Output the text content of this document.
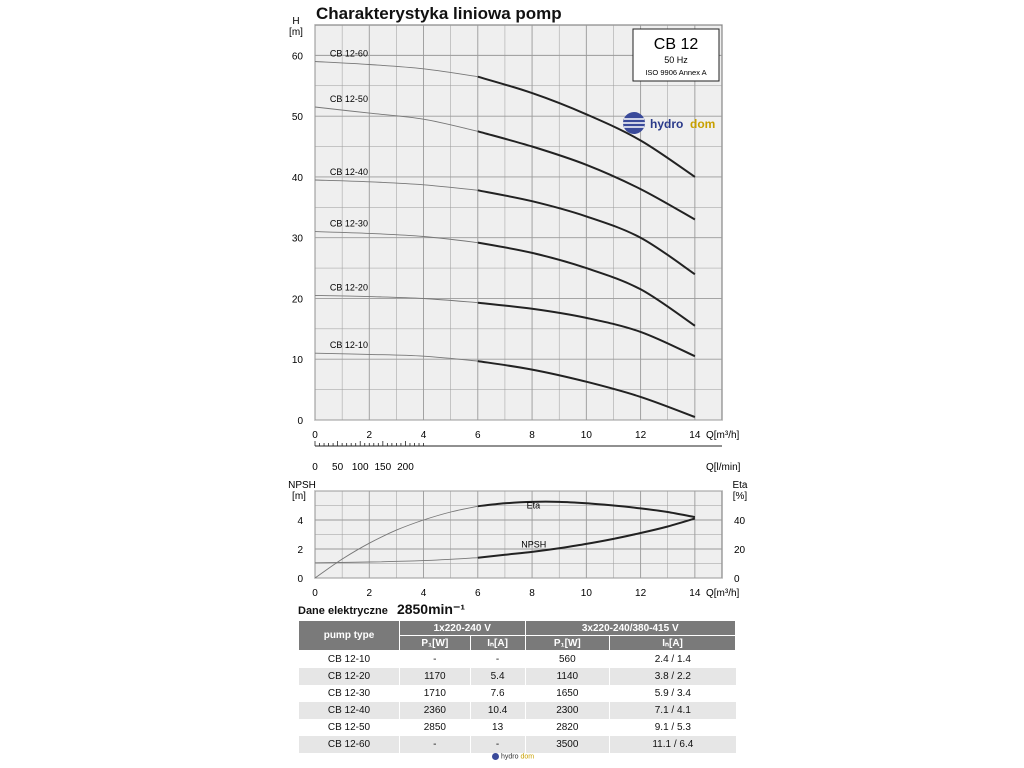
Charakterystyka liniowa pomp
0	2	4	6	8	10	12	14
0
10
20
30
40
50
60
H
[m]
Q[m³/h]
CB 12-60
CB 12-50
CB 12-40
CB 12-30
CB 12-20
CB 12-10
0 50 100 150 200	Q[l/min]
0	2	4	6	8	10	12	14
0
2
4
0
20
40
NPSH
[m]
Eta
[%]
Q[m³/h]
Eta
NPSH
CB 12
50 Hz
ISO 9906 Annex A
hydro dom
Dane elektryczne 2850min⁻¹
pump type	1x220-240 V		3x220-240/380-415 V	
	P₁[W]	Iₙ[A]	P₁[W]	Iₙ[A]
CB 12-10	-	-	560	2.4 / 1.4
CB 12-20	1170	5.4	1140	3.8 / 2.2
CB 12-30	1710	7.6	1650	5.9 / 3.4
CB 12-40	2360	10.4	2300	7.1 / 4.1
CB 12-50	2850	13	2820	9.1 / 5.3
CB 12-60	-	-	3500	11.1 / 6.4
hydro dom
